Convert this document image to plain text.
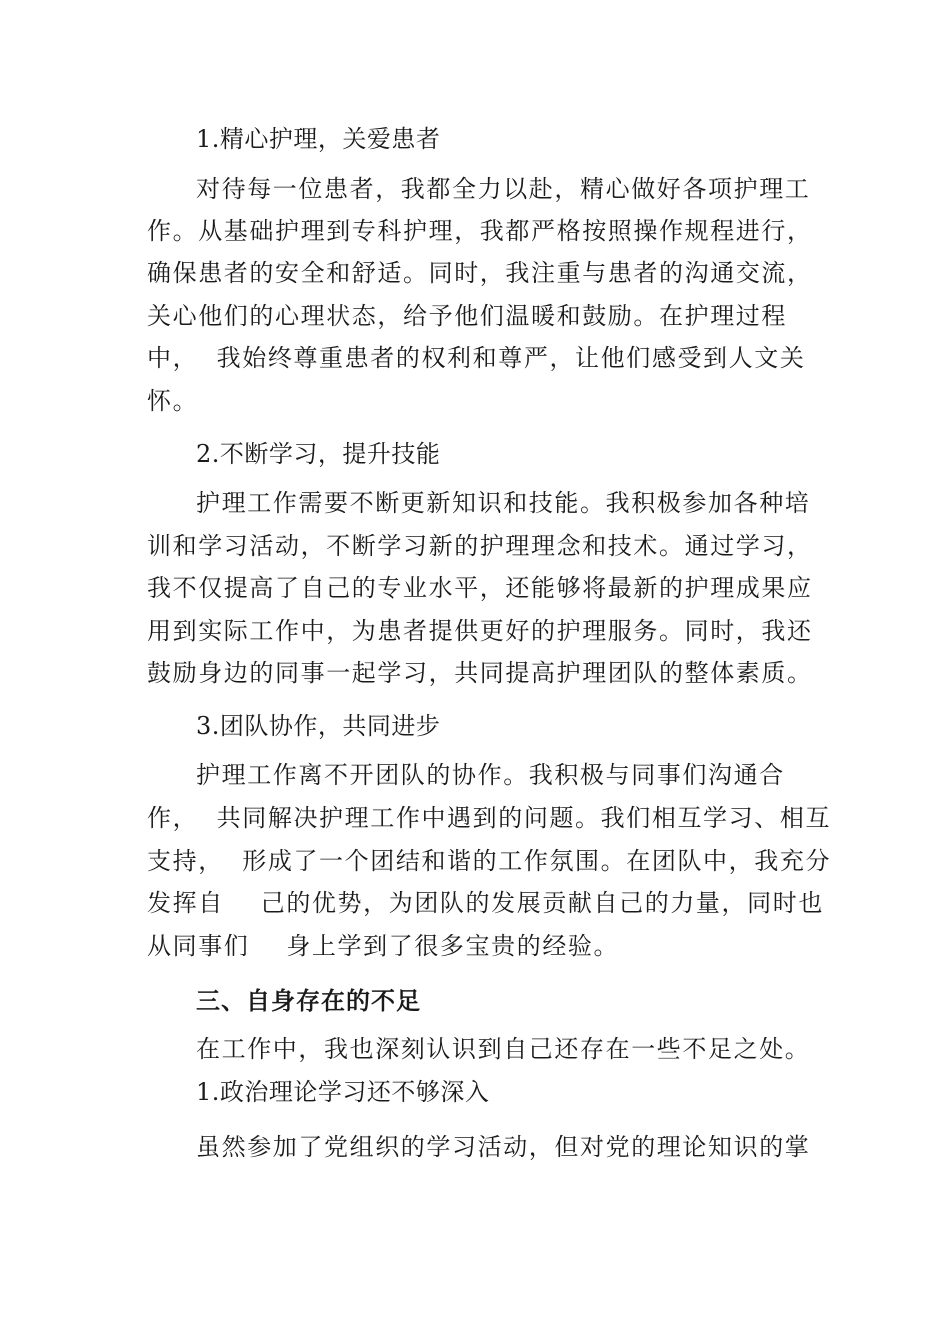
1.精心护理，关爱患者
对待每一位患者，我都全力以赴，精心做好各项护理工
作。从基础护理到专科护理，我都严格按照操作规程进行，
确保患者的安全和舒适。同时，我注重与患者的沟通交流，
关心他们的心理状态，给予他们温暖和鼓励。在护理过程
中，  我始终尊重患者的权利和尊严，让他们感受到人文关
怀。
2.不断学习，提升技能
护理工作需要不断更新知识和技能。我积极参加各种培
训和学习活动，不断学习新的护理理念和技术。通过学习，
我不仅提高了自己的专业水平，还能够将最新的护理成果应
用到实际工作中，为患者提供更好的护理服务。同时，我还
鼓励身边的同事一起学习，共同提高护理团队的整体素质。
3.团队协作，共同进步
护理工作离不开团队的协作。我积极与同事们沟通合
作，  共同解决护理工作中遇到的问题。我们相互学习、相互
支持，  形成了一个团结和谐的工作氛围。在团队中，我充分
发挥自    己的优势，为团队的发展贡献自己的力量，同时也
从同事们    身上学到了很多宝贵的经验。
三、自身存在的不足
在工作中，我也深刻认识到自己还存在一些不足之处。
1.政治理论学习还不够深入
虽然参加了党组织的学习活动，但对党的理论知识的掌
